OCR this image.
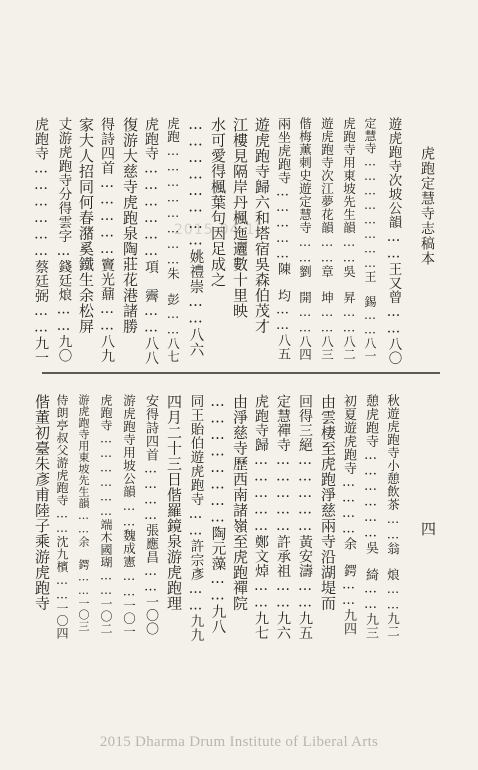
虎跑定慧寺志稿本
四
2015-04-15	遊虎跑寺次坡公韻……王又曾……八〇
定慧寺……………………王　錫……八一
虎跑寺用東坡先生韻……吳　昇……八二
遊虎跑寺次江夢花韻……章　坤……八三
偕梅薰刺史遊定慧寺……劉　開……八四
兩坐虎跑寺……………陳　均……八五
遊虎跑寺歸六和塔宿吳森伯茂才
江樓見隔岸丹楓迤邐數十里映
水可愛得楓葉句因足成之
……………………姚禮崇……八六
虎跑……………………朱　彭……八七
虎跑寺………………項　霽……八八
復游大慈寺虎跑泉陶莊花港諸勝
得詩四首……………竇光鼐……八九
家大人招同何春潴奚鐵生余松屏
丈游虎跑寺分得雲字…錢廷烺……九〇
虎跑寺………………蔡廷弼……九一
秋遊虎跑寺小憩飲茶……翁　烺……九二
憩虎跑寺………………吳　綺……九三
初夏遊虎跑寺…………余　鍔……九四
由雲棲至虎跑淨慈兩寺沿湖堤而
回得三絕……………黃安濤……九五
定慧禪寺……………許承祖……九六
虎跑寺歸……………鄭文焯……九七
由淨慈寺歷西南諸嶺至虎跑禪院
……………………陶元藻……九八
同王貽伯遊虎跑寺……許宗彥……九九
四月二十三日偕羅鏡泉游虎跑理
安得詩四首…………張應昌……一〇〇
游虎跑寺用坡公韻……魏成憲……一〇一
虎跑寺………………端木國瑚……一〇二
游虎跑寺用東坡先生韻……余　鍔……一〇三
侍朗亭叔父游虎跑寺……沈九檳……一〇四
偕董初臺朱彥甫陸子乘游虎跑寺
2015 Dharma Drum Institute of Liberal Arts
